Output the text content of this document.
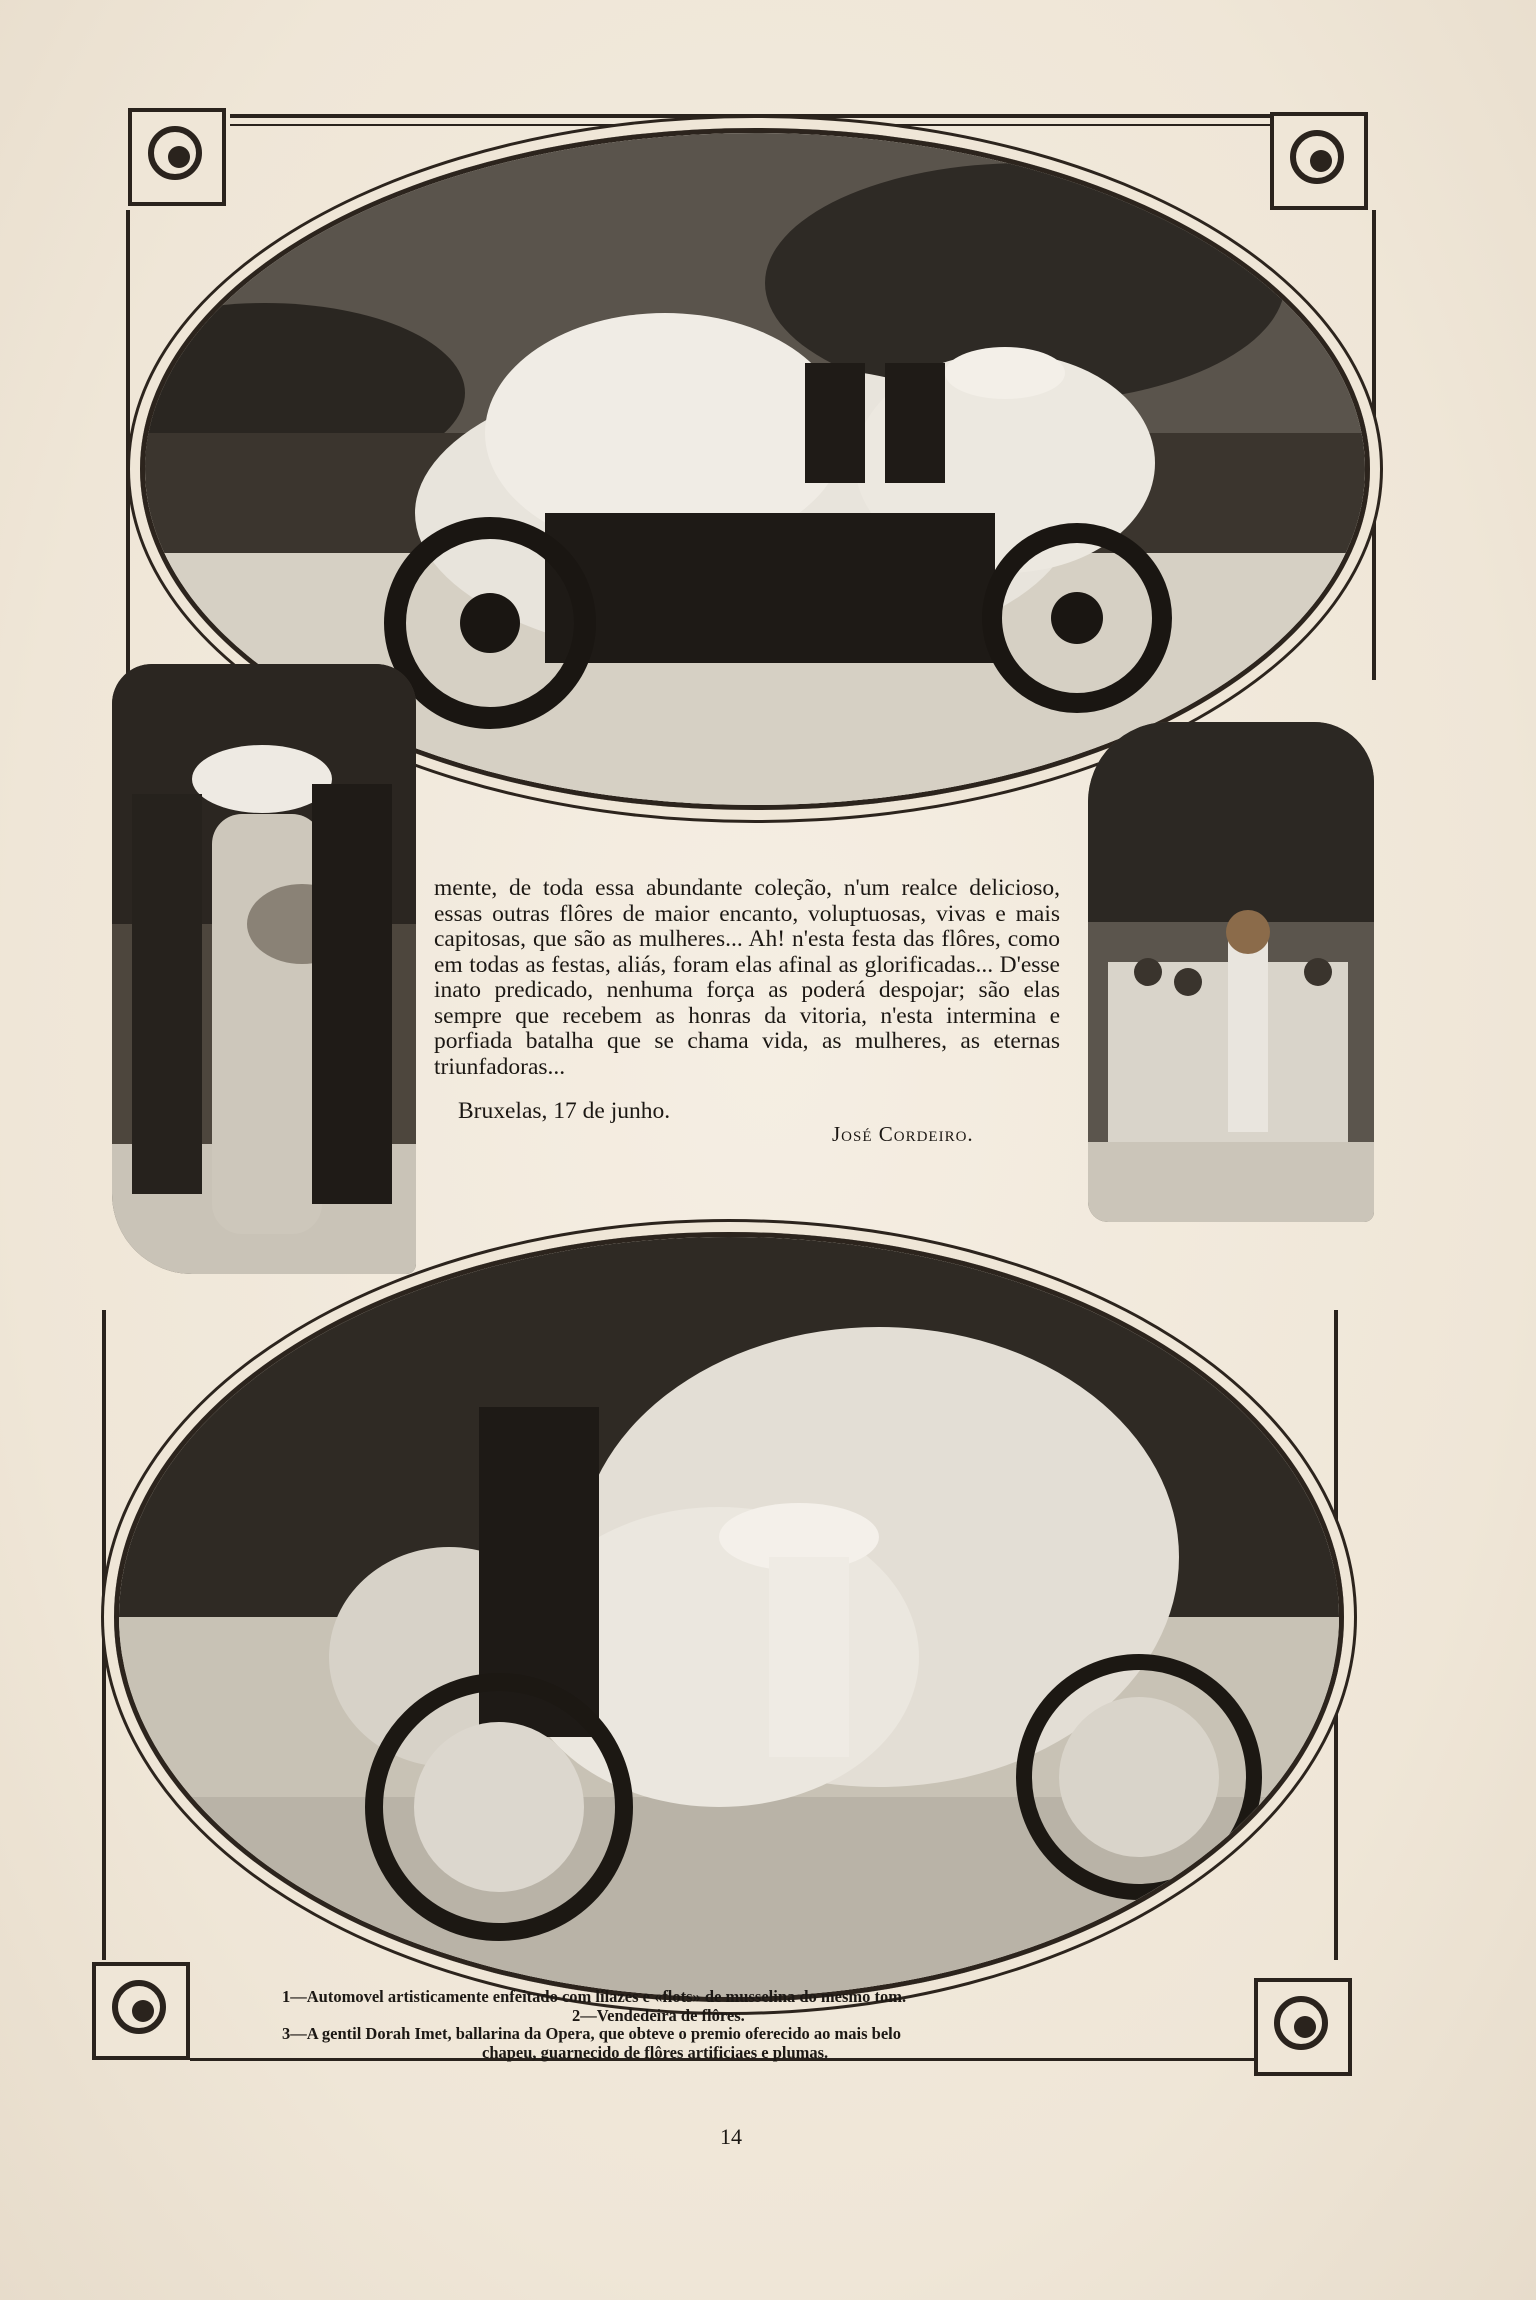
mente, de toda essa abundante coleção, n'um realce delicioso, essas outras flôres de maior encanto, voluptuosas, vivas e mais capitosas, que são as mulheres... Ah! n'esta festa das flôres, como em todas as festas, aliás, foram elas afinal as glorificadas... D'esse inato predicado, nenhuma força as poderá despojar; são elas sempre que recebem as honras da vitoria, n'esta intermina e porfiada batalha que se chama vida, as mulheres, as eternas triunfadoras...

Bruxelas, 17 de junho.
José Cordeiro.
1—Automovel artisticamente enfeitado com lilazes e «flots» de musselina do mesmo tom.
2—Vendedeira de flôres.
3—A gentil Dorah Imet, ballarina da Opera, que obteve o premio oferecido ao mais belo
chapeu, guarnecido de flôres artificiaes e plumas.
14
